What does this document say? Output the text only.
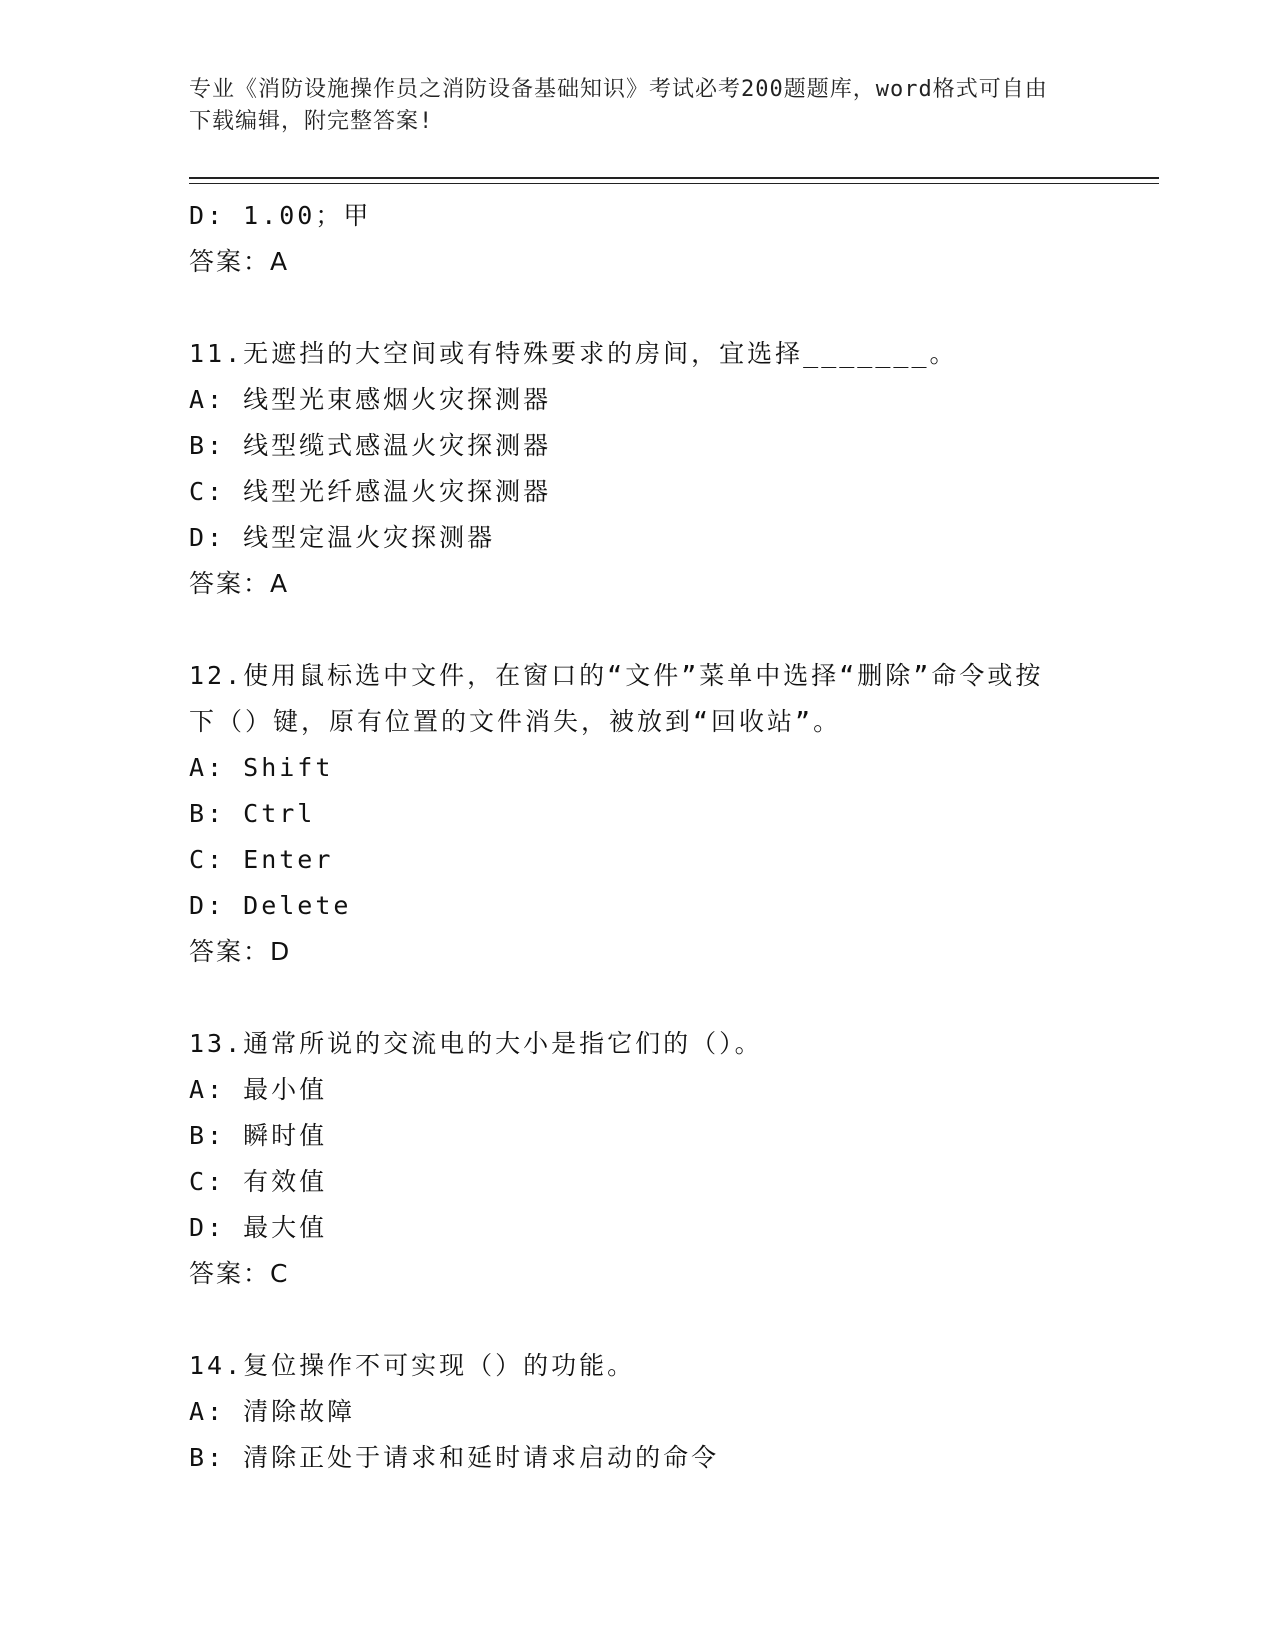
专业《消防设施操作员之消防设备基础知识》考试必考200题题库，word格式可自由下载编辑，附完整答案!
D: 1.00；甲
答案：A
11.无遮挡的大空间或有特殊要求的房间，宜选择_______。
A: 线型光束感烟火灾探测器
B: 线型缆式感温火灾探测器
C: 线型光纤感温火灾探测器
D: 线型定温火灾探测器
答案：A
12.使用鼠标选中文件，在窗口的“文件”菜单中选择“删除”命令或按下（）键，原有位置的文件消失，被放到“回收站”。
A: Shift
B: Ctrl
C: Enter
D: Delete
答案：D
13.通常所说的交流电的大小是指它们的（）。
A: 最小值
B: 瞬时值
C: 有效值
D: 最大值
答案：C
14.复位操作不可实现（）的功能。
A: 清除故障
B: 清除正处于请求和延时请求启动的命令
